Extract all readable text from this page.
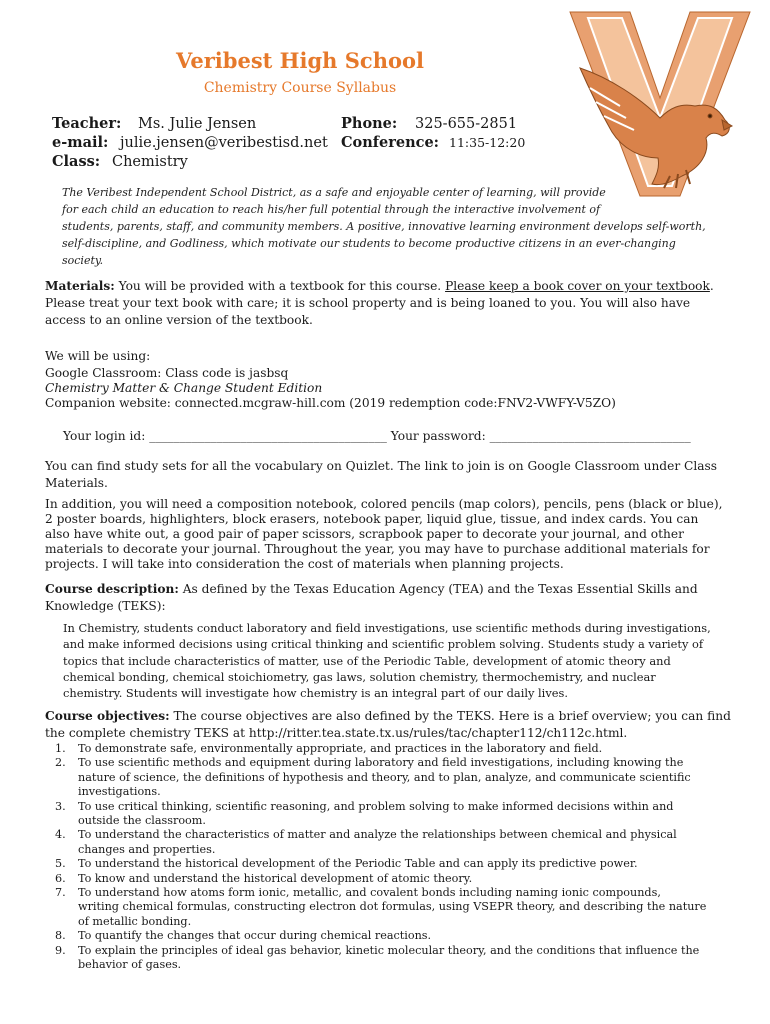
Veribest High School
Chemistry Course Syllabus
Teacher: Ms. Julie Jensen
e-mail: julie.jensen@veribestisd.net
Class: Chemistry
Phone: 325-655-2851
Conference: 11:35-12:20
The Veribest Independent School District, as a safe and enjoyable center of learning, will provide
for each child an education to reach his/her full potential through the interactive involvement of
students, parents, staff, and community members. A positive, innovative learning environment develops self-worth,
self-discipline, and Godliness, which motivate our students to become productive citizens in an ever-changing
society.
Materials: You will be provided with a textbook for this course. Please keep a book cover on your textbook.
Please treat your text book with care; it is school property and is being loaned to you. You will also have
access to an online version of the textbook.
We will be using:
Google Classroom: Class code is jasbsq
Chemistry Matter & Change Student Edition
Companion website: connected.mcgraw-hill.com (2019 redemption code:FNV2-VWFY-V5ZO)
Your login id: _______________________________________ Your password: _________________________________
You can find study sets for all the vocabulary on Quizlet. The link to join is on Google Classroom under Class
Materials.
In addition, you will need a composition notebook, colored pencils (map colors), pencils, pens (black or blue),
2 poster boards, highlighters, block erasers, notebook paper, liquid glue, tissue, and index cards. You can
also have white out, a good pair of paper scissors, scrapbook paper to decorate your journal, and other
materials to decorate your journal. Throughout the year, you may have to purchase additional materials for
projects. I will take into consideration the cost of materials when planning projects.
Course description: As defined by the Texas Education Agency (TEA) and the Texas Essential Skills and
Knowledge (TEKS):
In Chemistry, students conduct laboratory and field investigations, use scientific methods during investigations,
and make informed decisions using critical thinking and scientific problem solving. Students study a variety of
topics that include characteristics of matter, use of the Periodic Table, development of atomic theory and
chemical bonding, chemical stoichiometry, gas laws, solution chemistry, thermochemistry, and nuclear
chemistry. Students will investigate how chemistry is an integral part of our daily lives.
Course objectives: The course objectives are also defined by the TEKS. Here is a brief overview; you can find
the complete chemistry TEKS at http://ritter.tea.state.tx.us/rules/tac/chapter112/ch112c.html.
1. To demonstrate safe, environmentally appropriate, and practices in the laboratory and field.
2. To use scientific methods and equipment during laboratory and field investigations, including knowing the
nature of science, the definitions of hypothesis and theory, and to plan, analyze, and communicate scientific
investigations.
3. To use critical thinking, scientific reasoning, and problem solving to make informed decisions within and
outside the classroom.
4. To understand the characteristics of matter and analyze the relationships between chemical and physical
changes and properties.
5. To understand the historical development of the Periodic Table and can apply its predictive power.
6. To know and understand the historical development of atomic theory.
7. To understand how atoms form ionic, metallic, and covalent bonds including naming ionic compounds,
writing chemical formulas, constructing electron dot formulas, using VSEPR theory, and describing the nature
of metallic bonding.
8. To quantify the changes that occur during chemical reactions.
9. To explain the principles of ideal gas behavior, kinetic molecular theory, and the conditions that influence the
behavior of gases.
